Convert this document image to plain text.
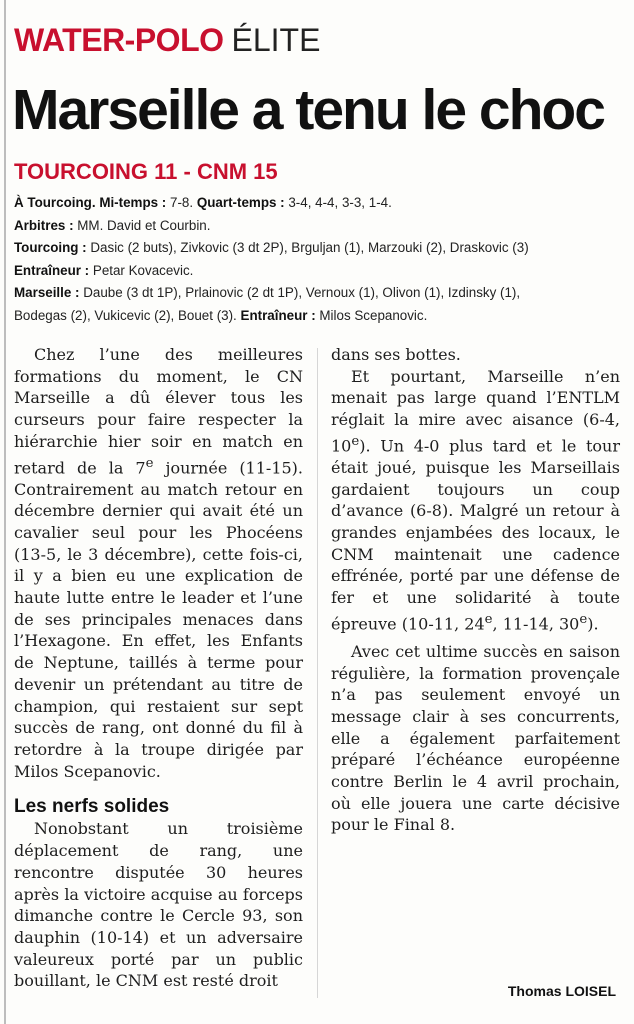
WATER-POLO ÉLITE
Marseille a tenu le choc
TOURCOING 11 - CNM 15

À Tourcoing. Mi-temps : 7-8. Quart-temps : 3-4, 4-4, 3-3, 1-4.

Arbitres : MM. David et Courbin.

Tourcoing : Dasic (2 buts), Zivkovic (3 dt 2P), Brguljan (1), Marzouki (2), Draskovic (3)

Entraîneur : Petar Kovacevic.

Marseille : Daube (3 dt 1P), Prlainovic (2 dt 1P), Vernoux (1), Olivon (1), Izdinsky (1),

Bodegas (2), Vukicevic (2), Bouet (3). Entraîneur : Milos Scepanovic.

Chez l’une des meilleures formations du moment, le CN Marseille a dû élever tous les curseurs pour faire respecter la hiérarchie hier soir en match en retard de la 7e journée (11-15). Contrairement au match retour en décembre dernier qui avait été un cavalier seul pour les Phocéens (13-5, le 3 décembre), cette fois-ci, il y a bien eu une explication de haute lutte entre le leader et l’une de ses principales menaces dans l’Hexagone. En effet, les Enfants de Neptune, taillés à terme pour devenir un prétendant au titre de champion, qui restaient sur sept succès de rang, ont donné du fil à retordre à la troupe dirigée par Milos Scepanovic.

Les nerfs solides

Nonobstant un troisième déplacement de rang, une rencontre disputée 30 heures après la victoire acquise au forceps dimanche contre le Cercle 93, son dauphin (10-14) et un adversaire valeureux porté par un public bouillant, le CNM est resté droit

dans ses bottes.

Et pourtant, Marseille n’en menait pas large quand l’ENTLM réglait la mire avec aisance (6-4, 10e). Un 4-0 plus tard et le tour était joué, puisque les Marseillais gardaient toujours un coup d’avance (6-8). Malgré un retour à grandes enjambées des locaux, le CNM maintenait une cadence effrénée, porté par une défense de fer et une solidarité à toute épreuve (10-11, 24e, 11-14, 30e).

Avec cet ultime succès en saison régulière, la formation provençale n’a pas seulement envoyé un message clair à ses concurrents, elle a également parfaitement préparé l’échéance européenne contre Berlin le 4 avril prochain, où elle jouera une carte décisive pour le Final 8.

Thomas LOISEL
